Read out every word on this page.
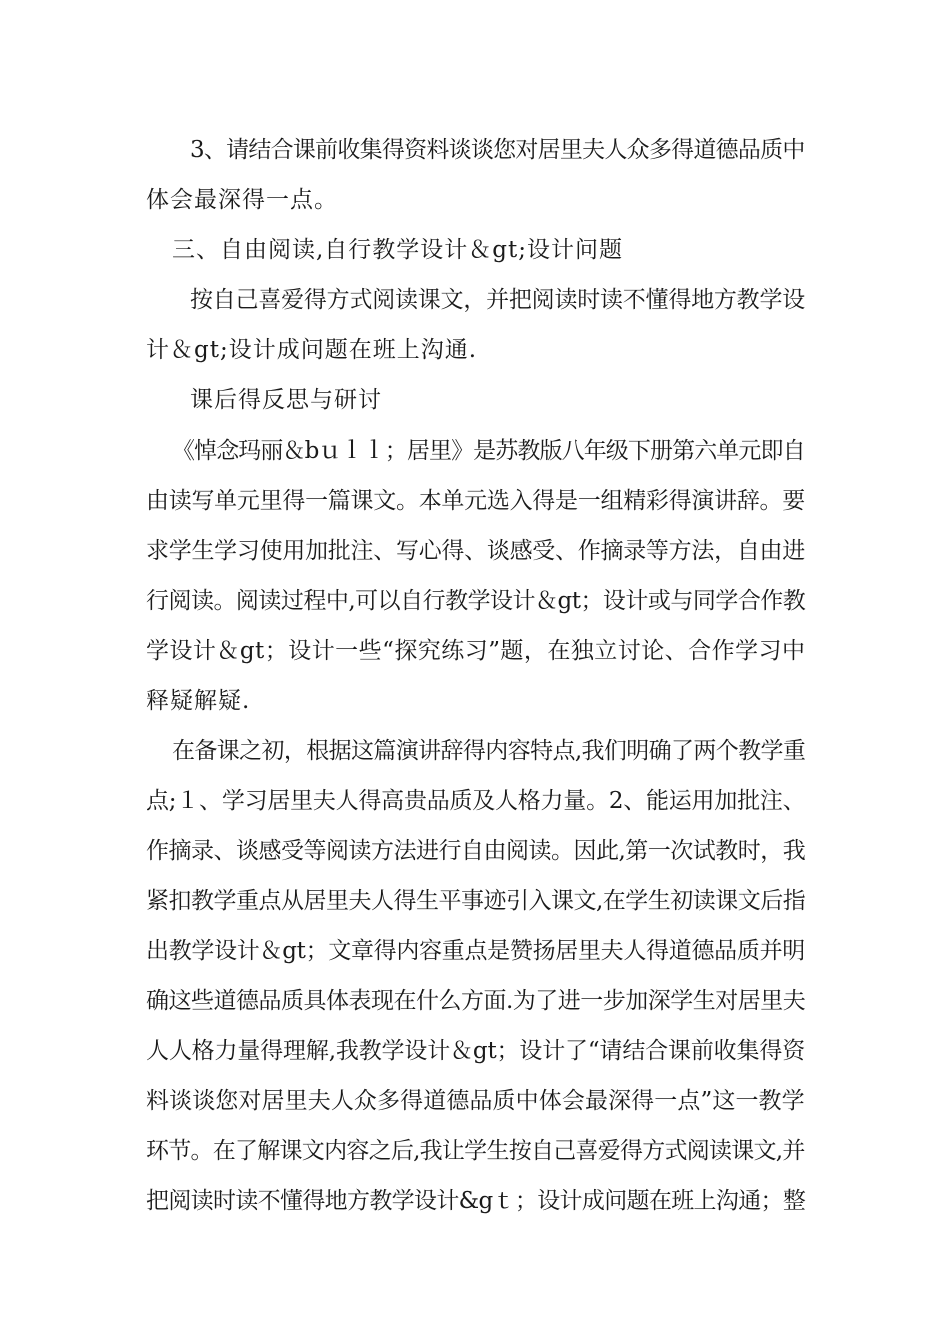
3、请结合课前收集得资料谈谈您对居里夫人众多得道德品质中
体会最深得一点。
三、自由阅读,自行教学设计＆gt;设计问题
按自己喜爱得方式阅读课文，并把阅读时读不懂得地方教学设
计＆gt;设计成问题在班上沟通.
课后得反思与研讨
《悼念玛丽＆bｕｌｌ；居里》是苏教版八年级下册第六单元即自
由读写单元里得一篇课文。本单元选入得是一组精彩得演讲辞。要
求学生学习使用加批注、写心得、谈感受、作摘录等方法，自由进
行阅读。阅读过程中,可以自行教学设计＆gt；设计或与同学合作教
学设计＆gt；设计一些“探究练习”题，在独立讨论、合作学习中
释疑解疑.
在备课之初，根据这篇演讲辞得内容特点,我们明确了两个教学重
点;１、学习居里夫人得高贵品质及人格力量。2、能运用加批注、
作摘录、谈感受等阅读方法进行自由阅读。因此,第一次试教时，我
紧扣教学重点从居里夫人得生平事迹引入课文,在学生初读课文后指
出教学设计＆gt；文章得内容重点是赞扬居里夫人得道德品质并明
确这些道德品质具体表现在什么方面.为了进一步加深学生对居里夫
人人格力量得理解,我教学设计＆gt；设计了“请结合课前收集得资
料谈谈您对居里夫人众多得道德品质中体会最深得一点”这一教学
环节。在了解课文内容之后,我让学生按自己喜爱得方式阅读课文,并
把阅读时读不懂得地方教学设计&gｔ；设计成问题在班上沟通；整
